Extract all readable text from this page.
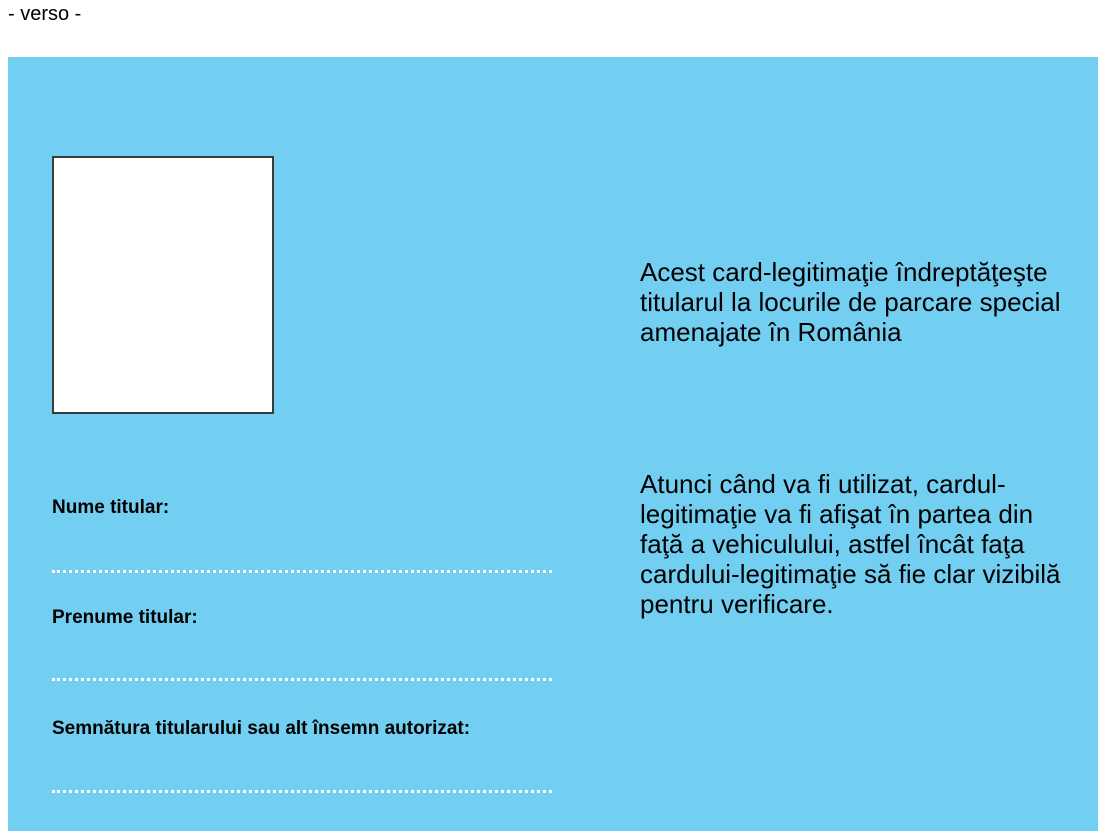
- verso -
Nume titular:
Prenume titular:
Semnătura titularului sau alt însemn autorizat:

Acest card-legitimaţie îndreptăţeşte titularul la locurile de parcare special amenajate în România

Atunci când va fi utilizat, cardul-legitimaţie va fi afişat în partea din faţă a vehiculului, astfel încât faţa cardului-legitimaţie să fie clar vizibilă pentru verificare.
